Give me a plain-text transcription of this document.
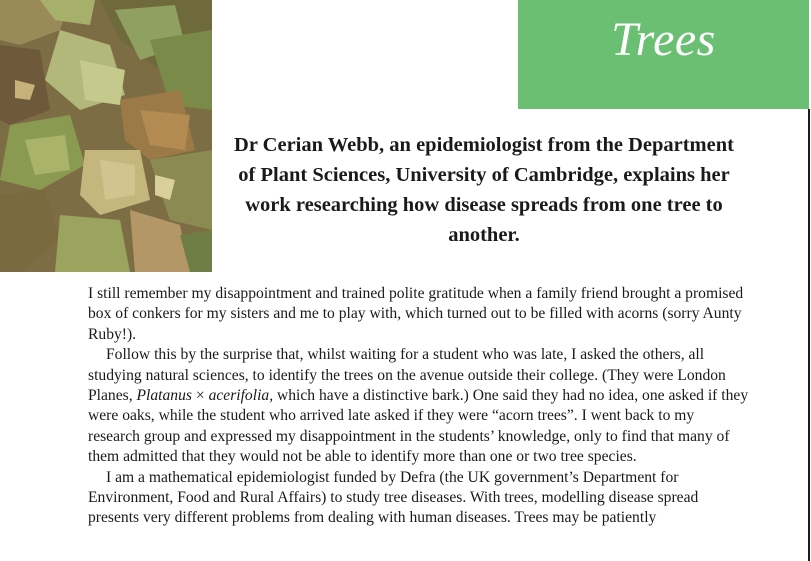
Trees
Dr Cerian Webb, an epidemiologist from the Department of Plant Sciences, University of Cambridge, explains her work researching how disease spreads from one tree to another.

I still remember my disappointment and trained polite gratitude when a family friend brought a promised box of conkers for my sisters and me to play with, which turned out to be filled with acorns (sorry Aunty Ruby!).

Follow this by the surprise that, whilst waiting for a student who was late, I asked the others, all studying natural sciences, to identify the trees on the avenue outside their college. (They were London Planes, Platanus × acerifolia, which have a distinctive bark.) One said they had no idea, one asked if they were oaks, while the student who arrived late asked if they were “acorn trees”. I went back to my research group and expressed my disappointment in the students’ knowledge, only to find that many of them admitted that they would not be able to identify more than one or two tree species.

I am a mathematical epidemiologist funded by Defra (the UK government’s Department for Environment, Food and Rural Affairs) to study tree diseases. With trees, modelling disease spread presents very different problems from dealing with human diseases. Trees may be patiently
